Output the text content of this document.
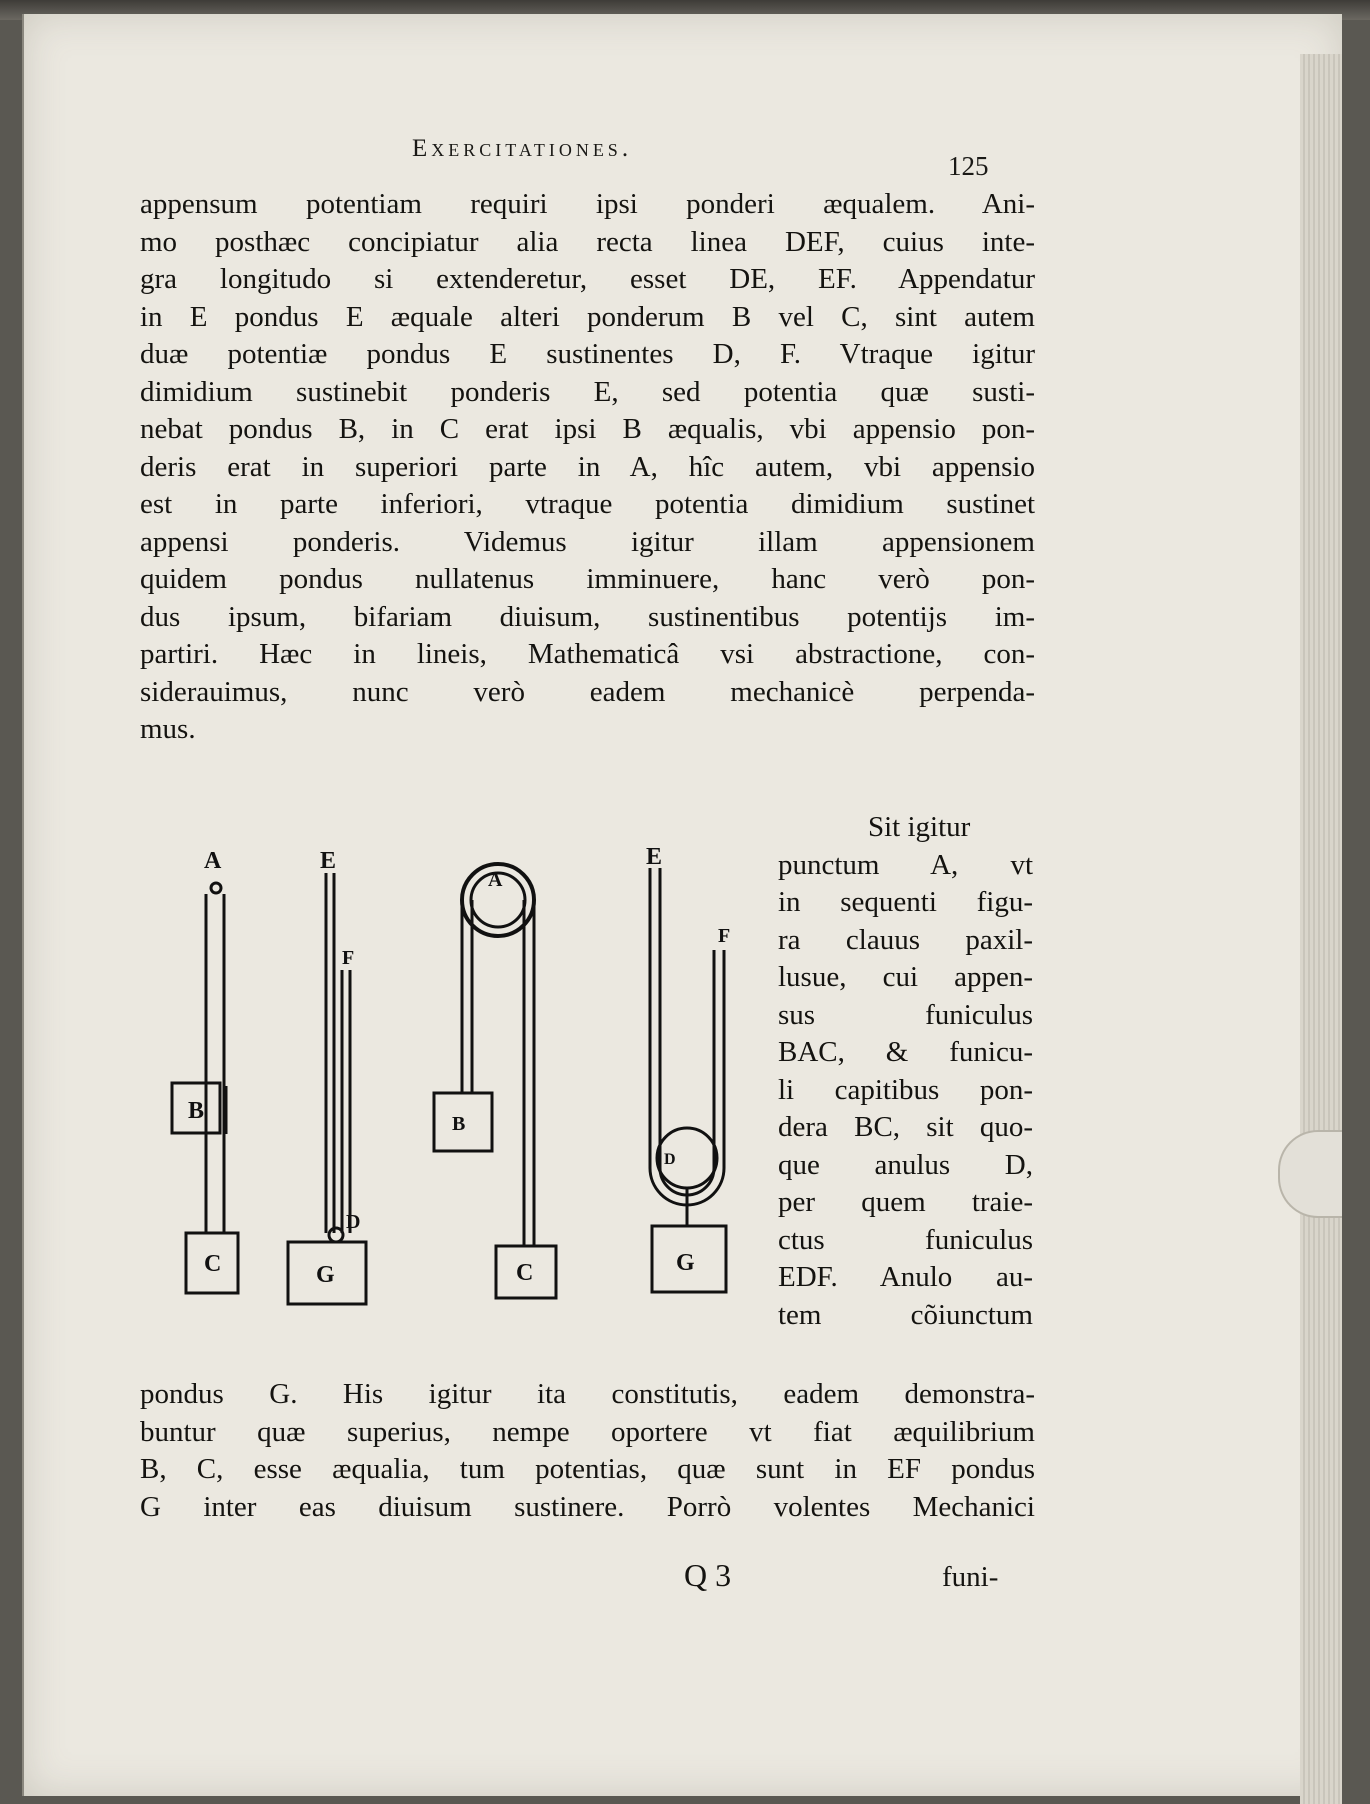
Exercitationes.

125

appensum potentiam requiri ipsi ponderi æqualem. Ani-

mo posthæc concipiatur alia recta linea DEF, cuius inte-

gra longitudo si extenderetur, esset DE, EF. Appendatur

in E pondus E æquale alteri ponderum B vel C, sint autem

duæ potentiæ pondus E sustinentes D, F. Vtraque igitur

dimidium sustinebit ponderis E, sed potentia quæ susti-

nebat pondus B, in C erat ipsi B æqualis, vbi appensio pon-

deris erat in superiori parte in A, hîc autem, vbi appensio

est in parte inferiori, vtraque potentia dimidium sustinet

appensi ponderis. Videmus igitur illam appensionem

quidem pondus nullatenus imminuere, hanc verò pon-

dus ipsum, bifariam diuisum, sustinentibus potentijs im-

partiri. Hæc in lineis, Mathematicâ vsi abstractione, con-

siderauimus, nunc verò eadem mechanicè perpenda-

mus.

A
B
C
E
F
D
G
A
B
C
E
F
D
G

Sit igitur

punctum A, vt

in sequenti figu-

ra clauus paxil-

lusue, cui appen-

sus funiculus

BAC, & funicu-

li capitibus pon-

dera BC, sit quo-

que anulus D,

per quem traie-

ctus funiculus

EDF. Anulo au-

tem cõiunctum

pondus G. His igitur ita constitutis, eadem demonstra-

buntur quæ superius, nempe oportere vt fiat æquilibrium

B, C, esse æqualia, tum potentias, quæ sunt in EF pondus

G inter eas diuisum sustinere. Porrò volentes Mechanici

Q 3	funi-
